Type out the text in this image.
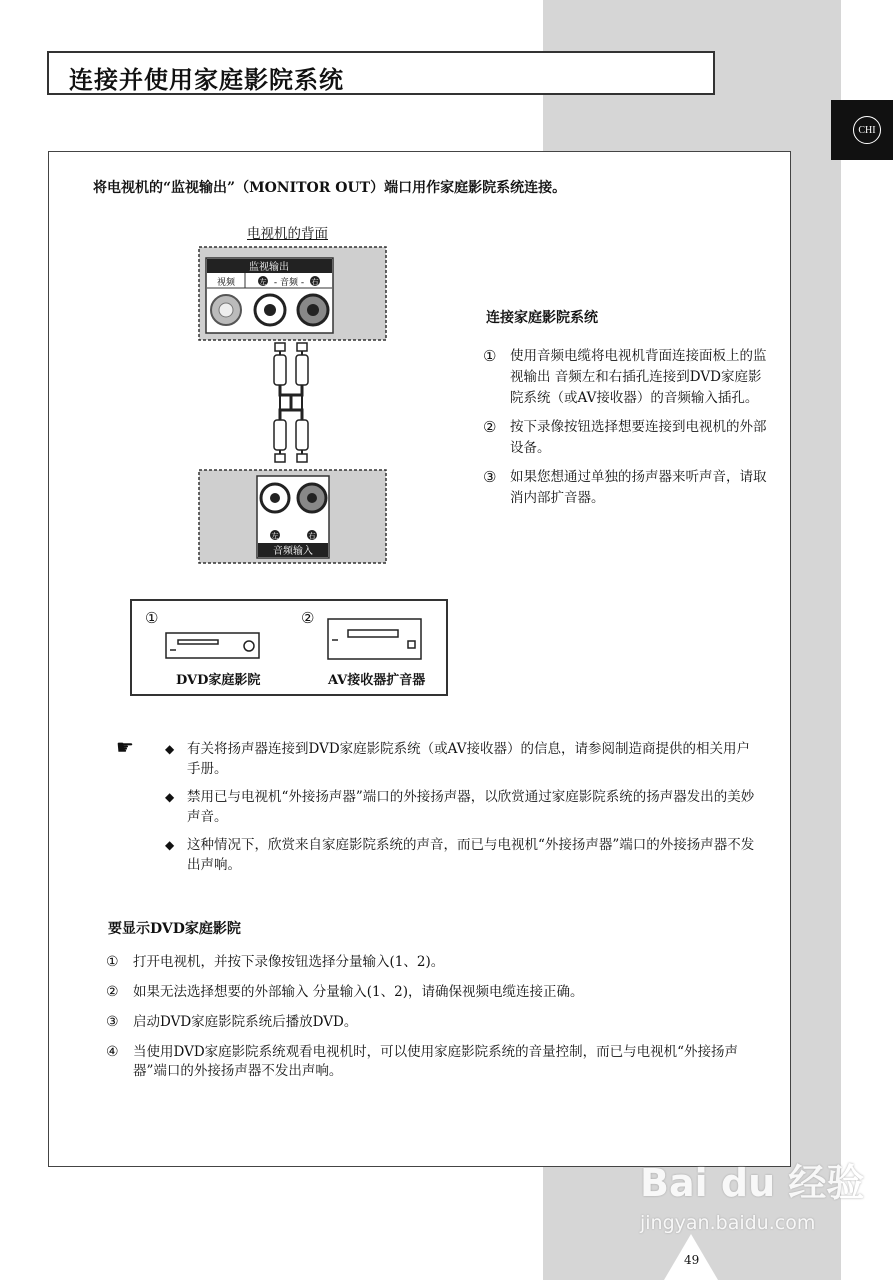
连接并使用家庭影院系统
CHI
将电视机的“监视输出”（MONITOR OUT）端口用作家庭影院系统连接。
电视机的背面
监视输出
视频	左 - 音频 - 右
左	右
音频输入
①	②
DVD家庭影院	AV接收器扩音器
连接家庭影院系统
①	使用音频电缆将电视机背面连接面板上的监视输出 音频左和右插孔连接到DVD家庭影院系统（或AV接收器）的音频输入插孔。
②	按下录像按钮选择想要连接到电视机的外部设备。
③	如果您想通过单独的扬声器来听声音，请取消内部扩音器。
☛	◆ 有关将扬声器连接到DVD家庭影院系统（或AV接收器）的信息，请参阅制造商提供的相关用户手册。
◆ 禁用已与电视机“外接扬声器”端口的外接扬声器，以欣赏通过家庭影院系统的扬声器发出的美妙声音。
◆ 这种情况下，欣赏来自家庭影院系统的声音，而已与电视机“外接扬声器”端口的外接扬声器不发出声响。
要显示DVD家庭影院
①	打开电视机，并按下录像按钮选择分量输入(1、2)。
②	如果无法选择想要的外部输入 分量输入(1、2)，请确保视频电缆连接正确。
③	启动DVD家庭影院系统后播放DVD。
④	当使用DVD家庭影院系统观看电视机时，可以使用家庭影院系统的音量控制，而已与电视机“外接扬声器”端口的外接扬声器不发出声响。
Bai du 经验
jingyan.baidu.com
49
